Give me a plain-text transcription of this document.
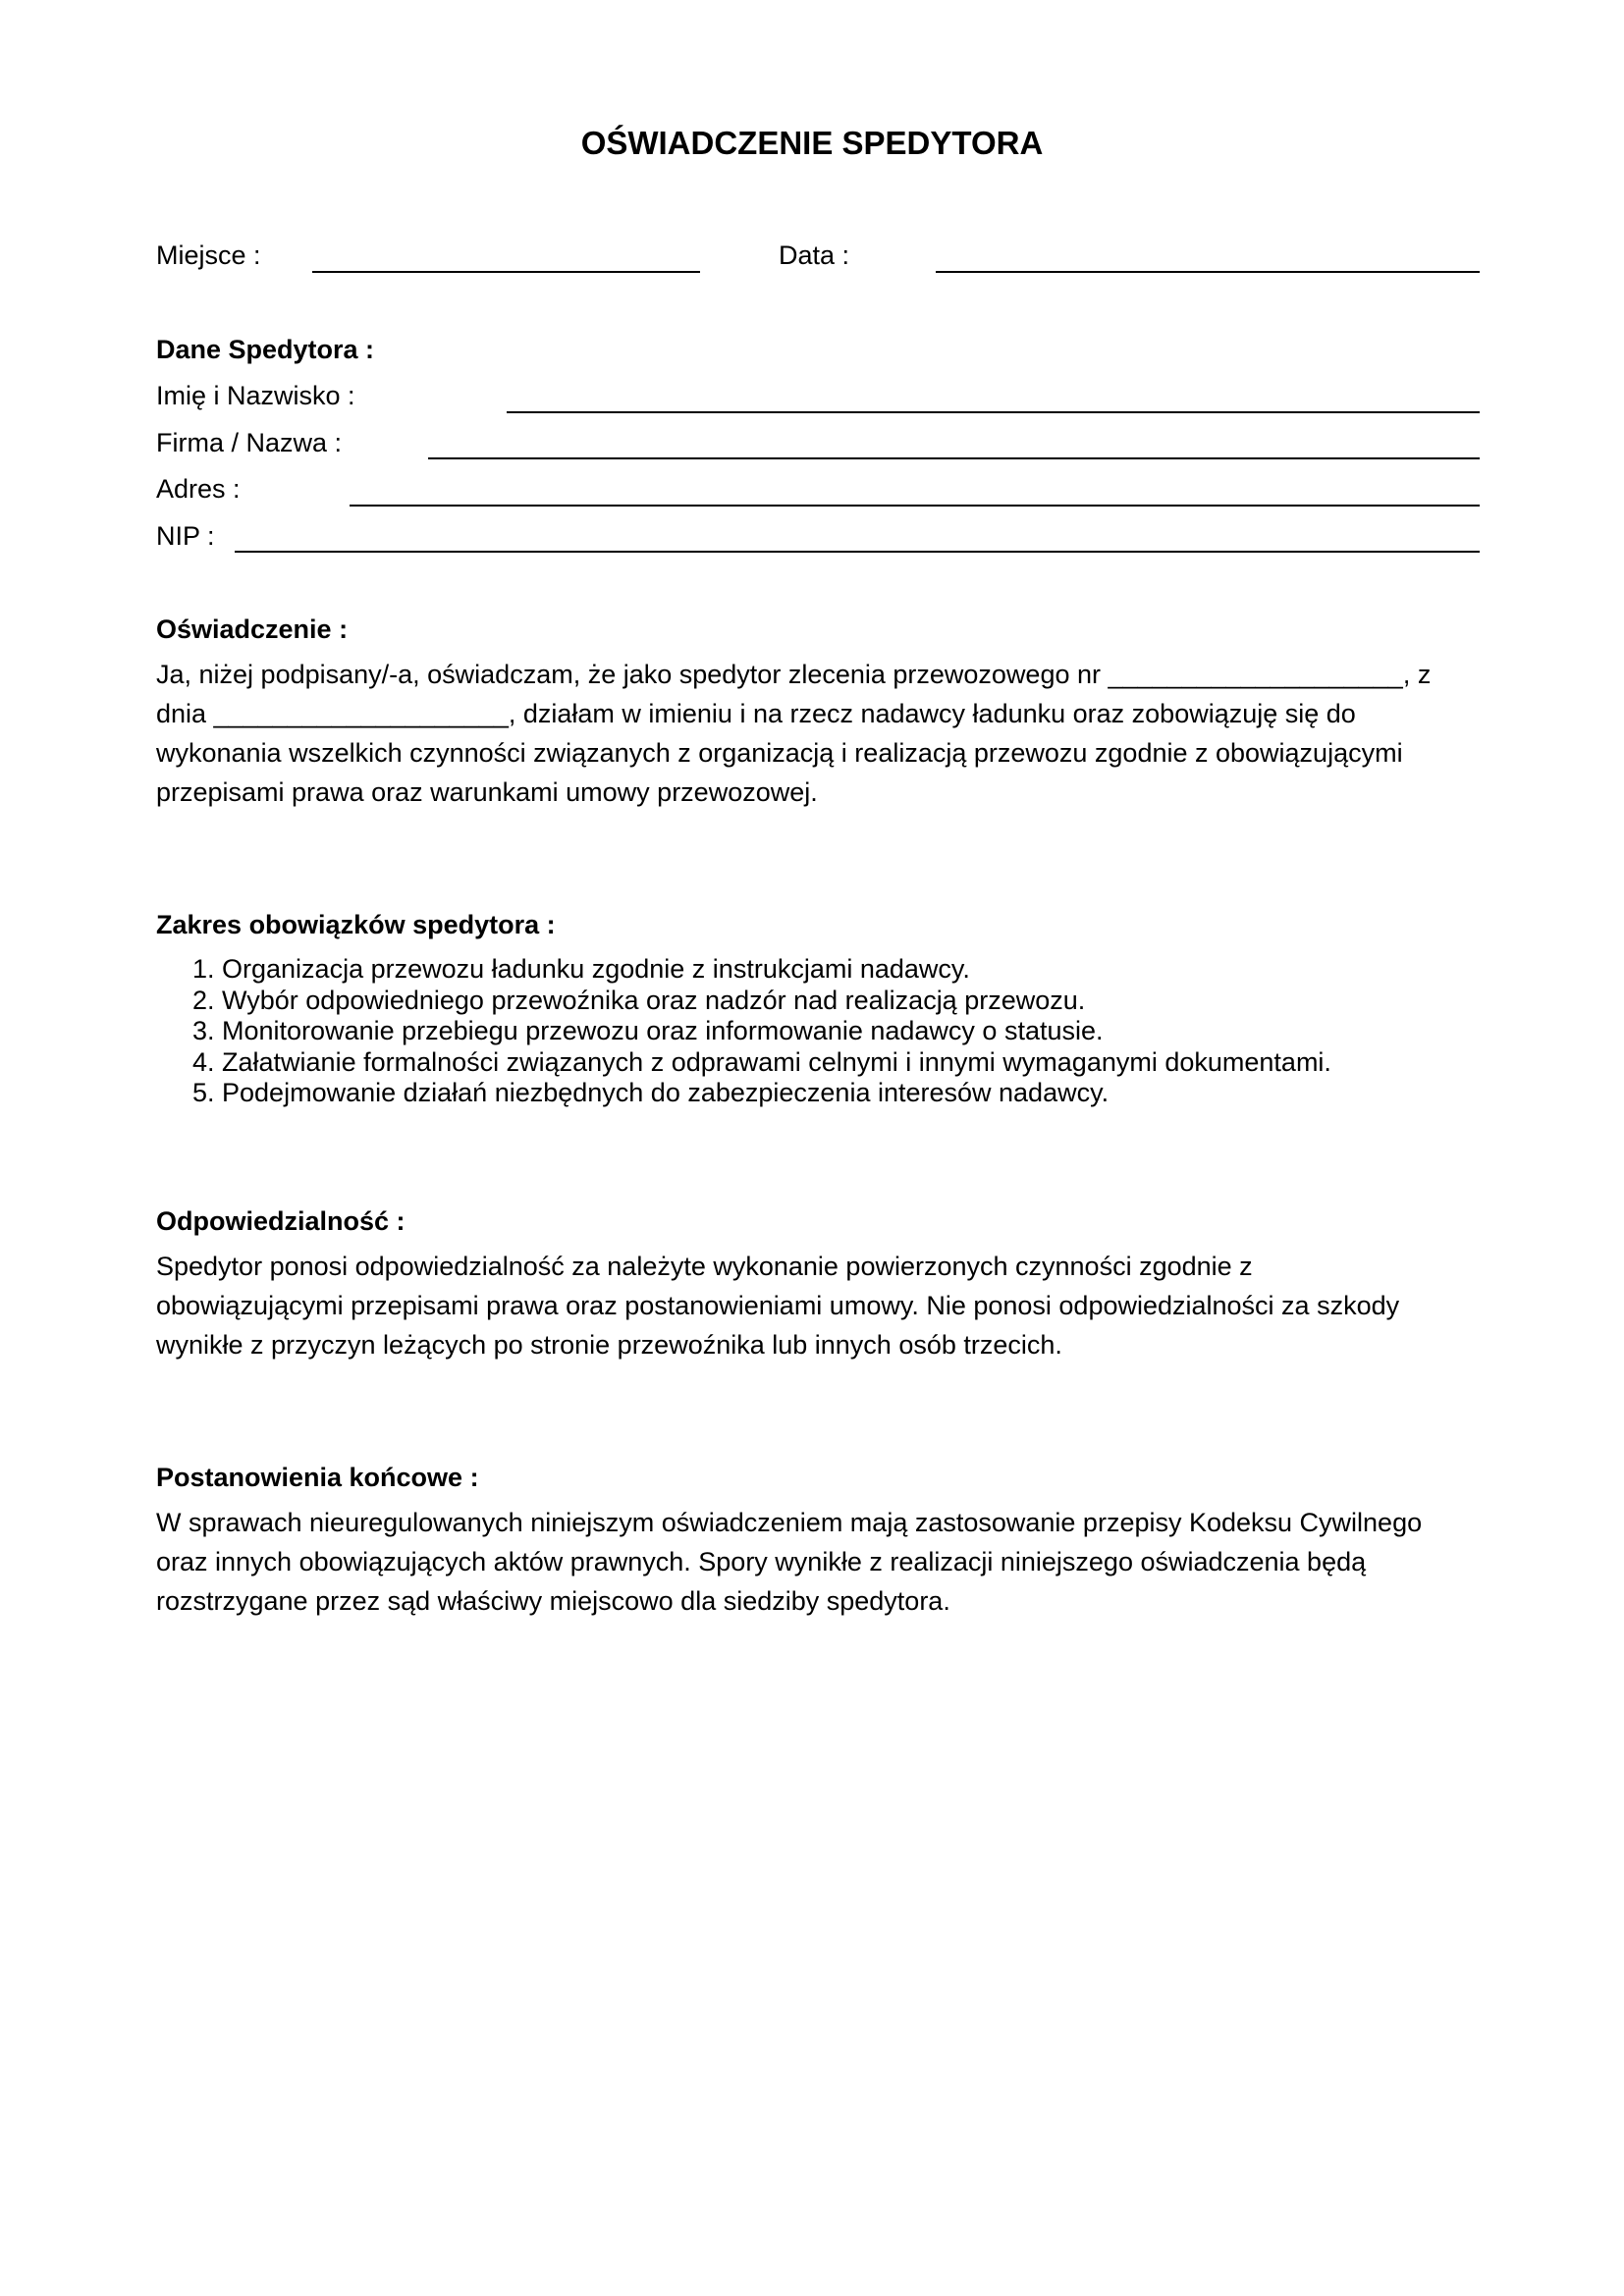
OŚWIADCZENIE SPEDYTORA
Miejsce :	Data :
Dane Spedytora :
Imię i Nazwisko :
Firma / Nazwa :
Adres :
NIP :
Oświadczenie :
Ja, niżej podpisany/-a, oświadczam, że jako spedytor zlecenia przewozowego nr ____________________, z
dnia ____________________, działam w imieniu i na rzecz nadawcy ładunku oraz zobowiązuję się do
wykonania wszelkich czynności związanych z organizacją i realizacją przewozu zgodnie z obowiązującymi
przepisami prawa oraz warunkami umowy przewozowej.
Zakres obowiązków spedytora :
1. Organizacja przewozu ładunku zgodnie z instrukcjami nadawcy.
2. Wybór odpowiedniego przewoźnika oraz nadzór nad realizacją przewozu.
3. Monitorowanie przebiegu przewozu oraz informowanie nadawcy o statusie.
4. Załatwianie formalności związanych z odprawami celnymi i innymi wymaganymi dokumentami.
5. Podejmowanie działań niezbędnych do zabezpieczenia interesów nadawcy.
Odpowiedzialność :
Spedytor ponosi odpowiedzialność za należyte wykonanie powierzonych czynności zgodnie z
obowiązującymi przepisami prawa oraz postanowieniami umowy. Nie ponosi odpowiedzialności za szkody
wynikłe z przyczyn leżących po stronie przewoźnika lub innych osób trzecich.
Postanowienia końcowe :
W sprawach nieuregulowanych niniejszym oświadczeniem mają zastosowanie przepisy Kodeksu Cywilnego
oraz innych obowiązujących aktów prawnych. Spory wynikłe z realizacji niniejszego oświadczenia będą
rozstrzygane przez sąd właściwy miejscowo dla siedziby spedytora.
